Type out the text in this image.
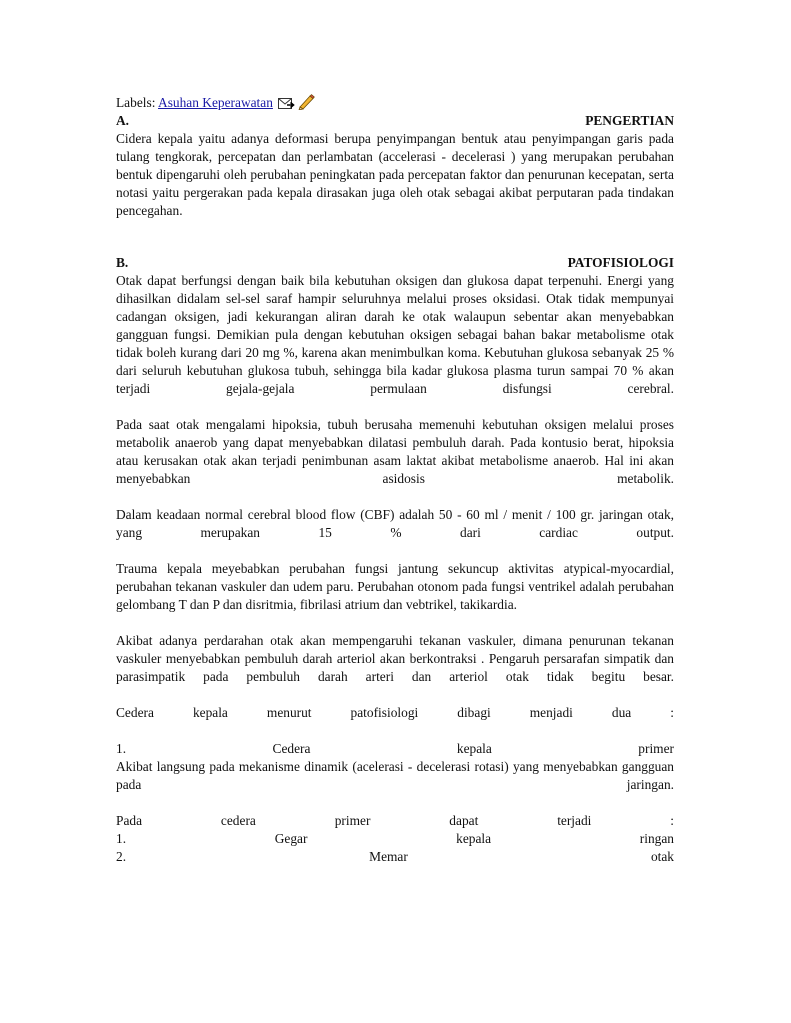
Labels: Asuhan Keperawatan
A.	PENGERTIAN
Cidera kepala yaitu adanya deformasi berupa penyimpangan bentuk atau penyimpangan garis pada tulang tengkorak, percepatan dan perlambatan (accelerasi - decelerasi ) yang merupakan perubahan bentuk dipengaruhi oleh perubahan peningkatan pada percepatan faktor dan penurunan kecepatan, serta notasi yaitu pergerakan pada kepala dirasakan juga oleh otak sebagai akibat perputaran pada tindakan pencegahan.
B.	PATOFISIOLOGI
Otak dapat berfungsi dengan baik bila kebutuhan oksigen dan glukosa dapat terpenuhi. Energi yang dihasilkan didalam sel-sel saraf hampir seluruhnya melalui proses oksidasi. Otak tidak mempunyai cadangan oksigen, jadi kekurangan aliran darah ke otak walaupun sebentar akan menyebabkan gangguan fungsi. Demikian pula dengan kebutuhan oksigen sebagai bahan bakar metabolisme otak tidak boleh kurang dari 20 mg %, karena akan menimbulkan koma. Kebutuhan glukosa sebanyak 25 % dari seluruh kebutuhan glukosa tubuh, sehingga bila kadar glukosa plasma turun sampai 70 % akan terjadi gejala-gejala permulaan disfungsi cerebral.
Pada saat otak mengalami hipoksia, tubuh berusaha memenuhi kebutuhan oksigen melalui proses metabolik anaerob yang dapat menyebabkan dilatasi pembuluh darah. Pada kontusio berat, hipoksia atau kerusakan otak akan terjadi penimbunan asam laktat akibat metabolisme anaerob. Hal ini akan menyebabkan asidosis metabolik.
Dalam keadaan normal cerebral blood flow (CBF) adalah 50 - 60 ml / menit / 100 gr. jaringan otak, yang merupakan 15 % dari cardiac output.
Trauma kepala meyebabkan perubahan fungsi jantung sekuncup aktivitas atypical-myocardial, perubahan tekanan vaskuler dan udem paru. Perubahan otonom pada fungsi ventrikel adalah perubahan gelombang T dan P dan disritmia, fibrilasi atrium dan vebtrikel, takikardia.
Akibat adanya perdarahan otak akan mempengaruhi tekanan vaskuler, dimana penurunan tekanan vaskuler menyebabkan pembuluh darah arteriol akan berkontraksi . Pengaruh persarafan simpatik dan parasimpatik pada pembuluh darah arteri dan arteriol otak tidak begitu besar.
Cedera kepala menurut patofisiologi dibagi menjadi dua :
1. Cedera kepala primer
Akibat langsung pada mekanisme dinamik (acelerasi - decelerasi rotasi) yang menyebabkan gangguan pada jaringan.
Pada cedera primer dapat terjadi :
1. Gegar kepala ringan
2. Memar otak
